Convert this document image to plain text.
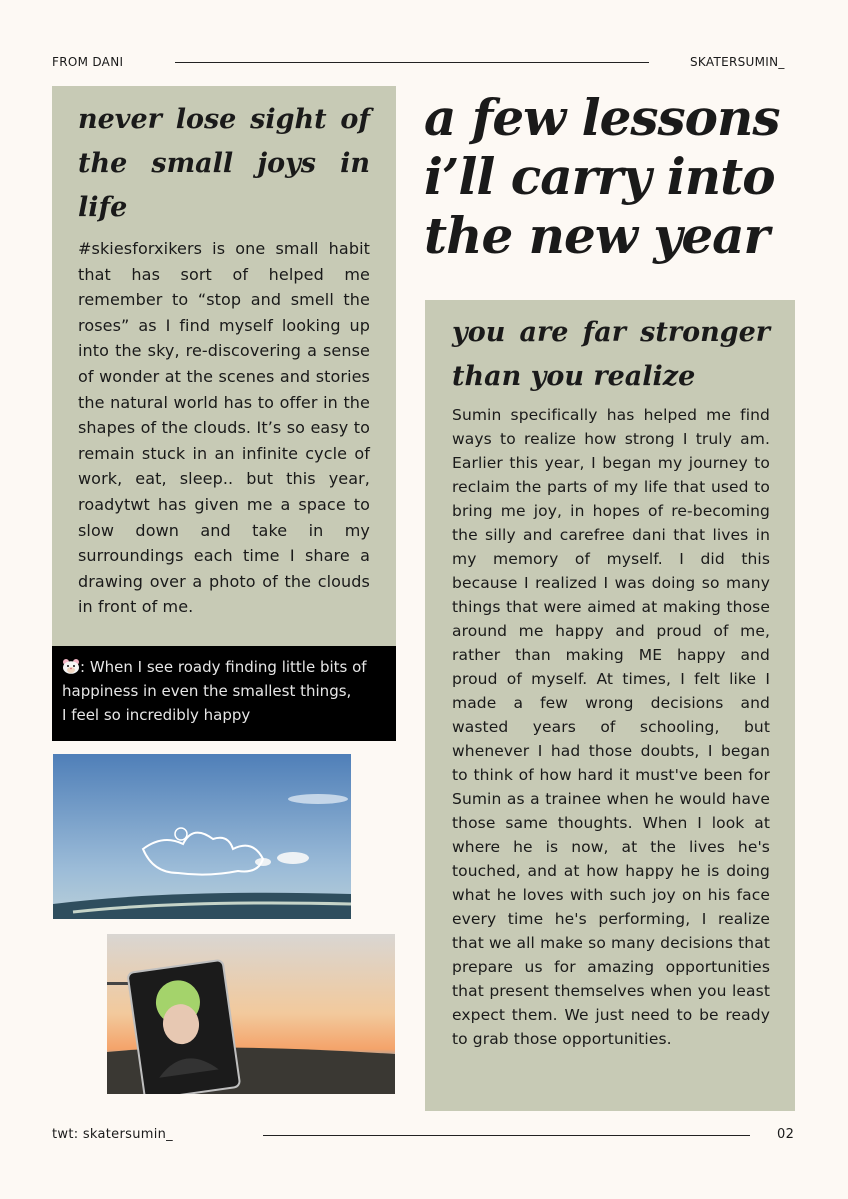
FROM DANI	SKATERSUMIN_
never lose sight of the small joys in life

#skiesforxikers is one small habit that has sort of helped me remember to “stop and smell the roses” as I find myself looking up into the sky, re-discovering a sense of wonder at the scenes and stories the natural world has to offer in the shapes of the clouds. It’s so easy to remain stuck in an infinite cycle of work, eat, sleep.. but this year, roadytwt has given me a space to slow down and take in my surroundings each time I share a drawing over a photo of the clouds in front of me.

: When I see roady finding little bits of
happiness in even the smallest things,
I feel so incredibly happy
a few lessons
i’ll carry into
the new year
you are far stronger than you realize

Sumin specifically has helped me find ways to realize how strong I truly am. Earlier this year, I began my journey to reclaim the parts of my life that used to bring me joy, in hopes of re-becoming the silly and carefree dani that lives in my memory of myself. I did this because I realized I was doing so many things that were aimed at making those around me happy and proud of me, rather than making ME happy and proud of myself. At times, I felt like I made a few wrong decisions and wasted years of schooling, but whenever I had those doubts, I began to think of how hard it must've been for Sumin as a trainee when he would have those same thoughts. When I look at where he is now, at the lives he's touched, and at how happy he is doing what he loves with such joy on his face every time he's performing, I realize that we all make so many decisions that prepare us for amazing opportunities that present themselves when you least expect them. We just need to be ready to grab those opportunities.

twt: skatersumin_	02
